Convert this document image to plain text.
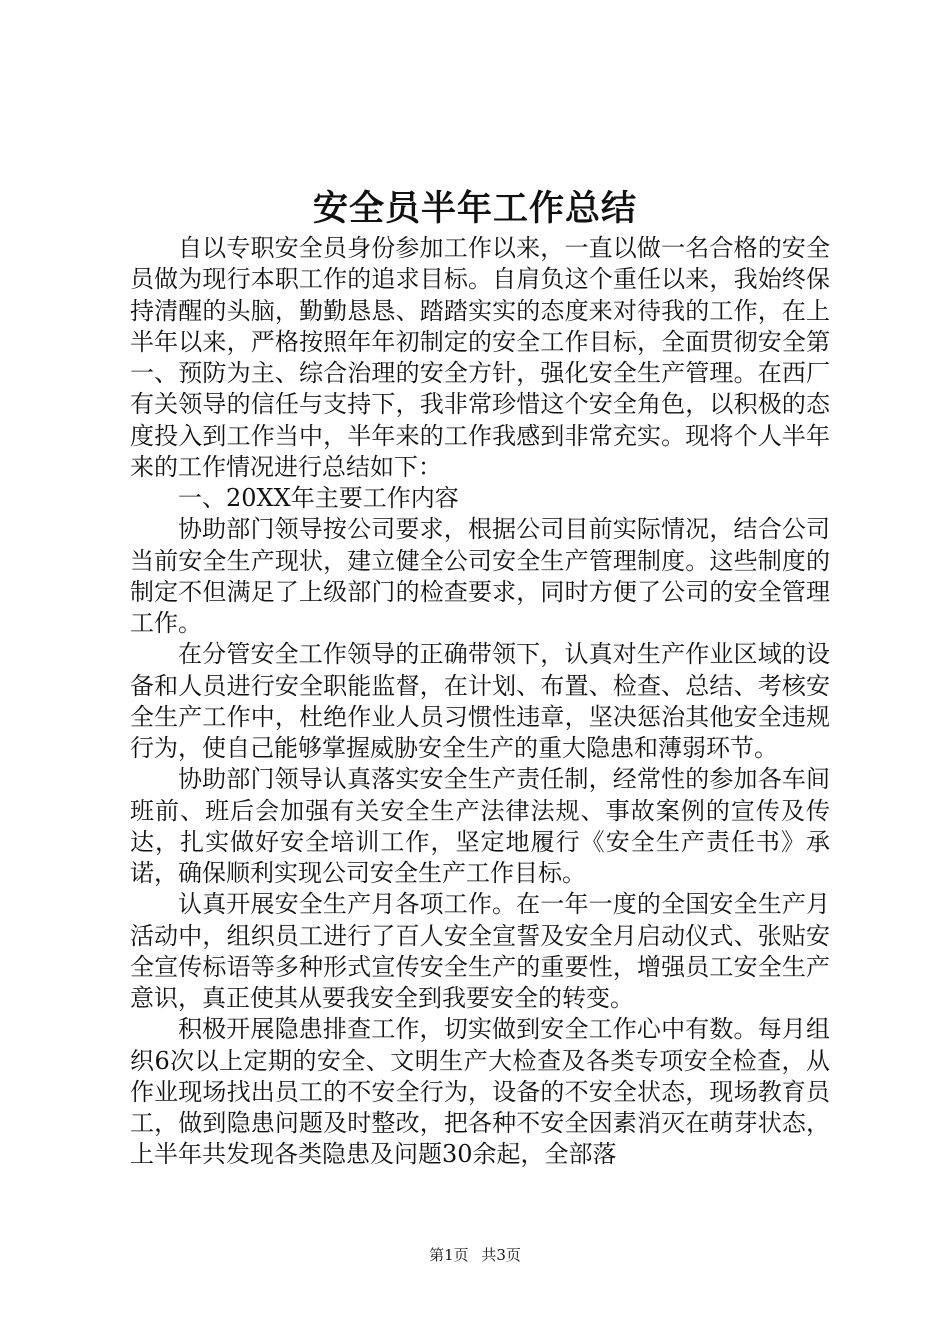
安全员半年工作总结

自以专职安全员身份参加工作以来，一直以做一名合格的安全员做为现行本职工作的追求目标。自肩负这个重任以来，我始终保持清醒的头脑，勤勤恳恳、踏踏实实的态度来对待我的工作，在上半年以来，严格按照年年初制定的安全工作目标，全面贯彻安全第一、预防为主、综合治理的安全方针，强化安全生产管理。在西厂有关领导的信任与支持下，我非常珍惜这个安全角色，以积极的态度投入到工作当中，半年来的工作我感到非常充实。现将个人半年来的工作情况进行总结如下：

一、20XX年主要工作内容

协助部门领导按公司要求，根据公司目前实际情况，结合公司当前安全生产现状，建立健全公司安全生产管理制度。这些制度的制定不但满足了上级部门的检查要求，同时方便了公司的安全管理工作。

在分管安全工作领导的正确带领下，认真对生产作业区域的设备和人员进行安全职能监督，在计划、布置、检查、总结、考核安全生产工作中，杜绝作业人员习惯性违章，坚决惩治其他安全违规行为，使自己能够掌握威胁安全生产的重大隐患和薄弱环节。

协助部门领导认真落实安全生产责任制，经常性的参加各车间班前、班后会加强有关安全生产法律法规、事故案例的宣传及传达，扎实做好安全培训工作，坚定地履行《安全生产责任书》承诺，确保顺利实现公司安全生产工作目标。

认真开展安全生产月各项工作。在一年一度的全国安全生产月活动中，组织员工进行了百人安全宣誓及安全月启动仪式、张贴安全宣传标语等多种形式宣传安全生产的重要性，增强员工安全生产意识，真正使其从要我安全到我要安全的转变。

积极开展隐患排查工作，切实做到安全工作心中有数。每月组织6次以上定期的安全、文明生产大检查及各类专项安全检查，从作业现场找出员工的不安全行为，设备的不安全状态，现场教育员工，做到隐患问题及时整改，把各种不安全因素消灭在萌芽状态，上半年共发现各类隐患及问题30余起，全部落

第1页 共3页
